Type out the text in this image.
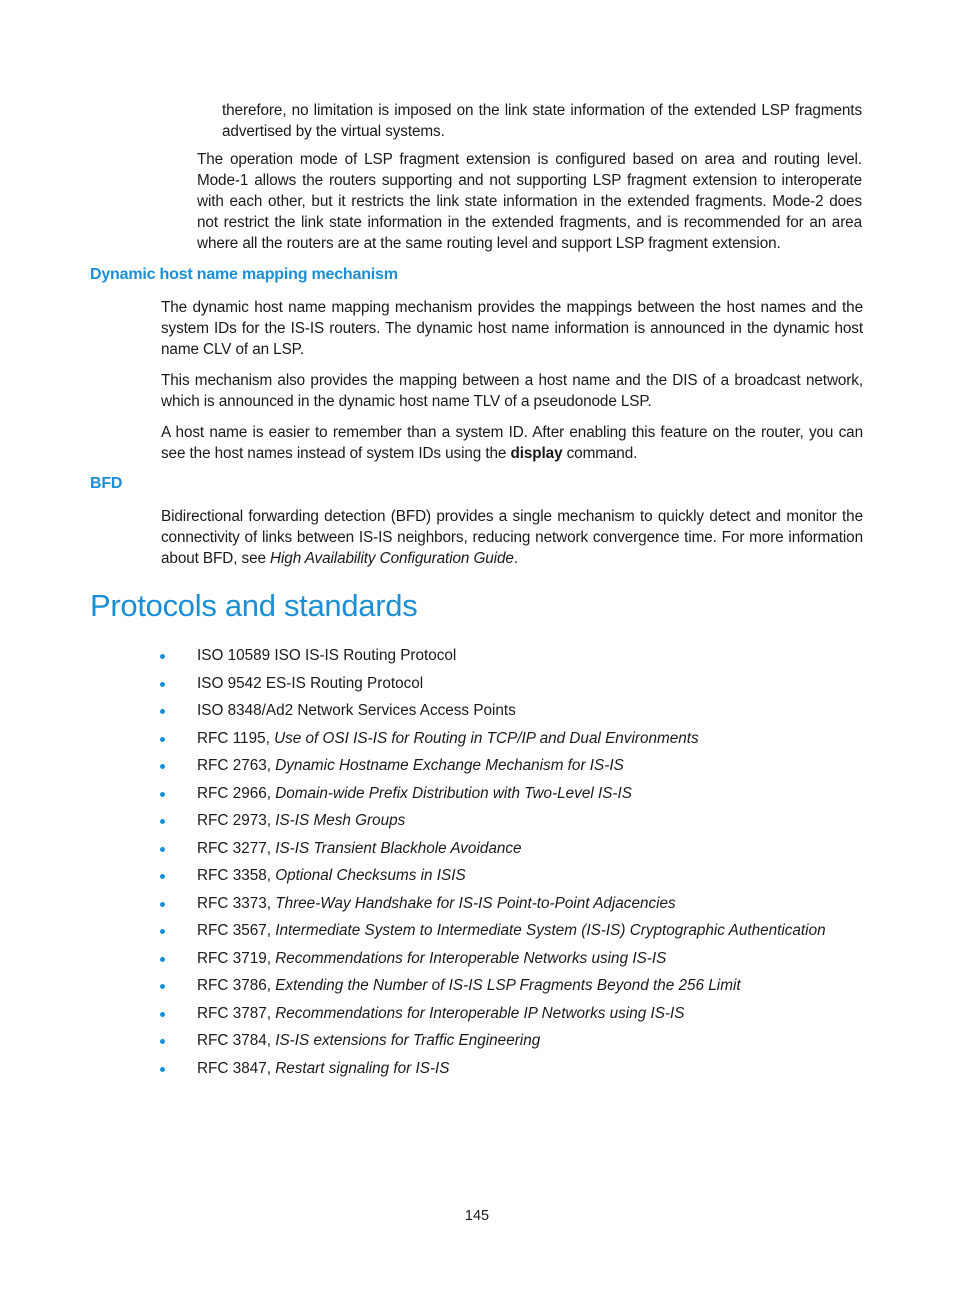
therefore, no limitation is imposed on the link state information of the extended LSP fragments advertised by the virtual systems.

The operation mode of LSP fragment extension is configured based on area and routing level. Mode-1 allows the routers supporting and not supporting LSP fragment extension to interoperate with each other, but it restricts the link state information in the extended fragments. Mode-2 does not restrict the link state information in the extended fragments, and is recommended for an area where all the routers are at the same routing level and support LSP fragment extension.

Dynamic host name mapping mechanism

The dynamic host name mapping mechanism provides the mappings between the host names and the system IDs for the IS-IS routers. The dynamic host name information is announced in the dynamic host name CLV of an LSP.

This mechanism also provides the mapping between a host name and the DIS of a broadcast network, which is announced in the dynamic host name TLV of a pseudonode LSP.

A host name is easier to remember than a system ID. After enabling this feature on the router, you can see the host names instead of system IDs using the display command.

BFD

Bidirectional forwarding detection (BFD) provides a single mechanism to quickly detect and monitor the connectivity of links between IS-IS neighbors, reducing network convergence time. For more information about BFD, see High Availability Configuration Guide.

Protocols and standards
ISO 10589 ISO IS-IS Routing Protocol
ISO 9542 ES-IS Routing Protocol
ISO 8348/Ad2 Network Services Access Points
RFC 1195, Use of OSI IS-IS for Routing in TCP/IP and Dual Environments
RFC 2763, Dynamic Hostname Exchange Mechanism for IS-IS
RFC 2966, Domain-wide Prefix Distribution with Two-Level IS-IS
RFC 2973, IS-IS Mesh Groups
RFC 3277, IS-IS Transient Blackhole Avoidance
RFC 3358, Optional Checksums in ISIS
RFC 3373, Three-Way Handshake for IS-IS Point-to-Point Adjacencies
RFC 3567, Intermediate System to Intermediate System (IS-IS) Cryptographic Authentication
RFC 3719, Recommendations for Interoperable Networks using IS-IS
RFC 3786, Extending the Number of IS-IS LSP Fragments Beyond the 256 Limit
RFC 3787, Recommendations for Interoperable IP Networks using IS-IS
RFC 3784, IS-IS extensions for Traffic Engineering
RFC 3847, Restart signaling for IS-IS
145
